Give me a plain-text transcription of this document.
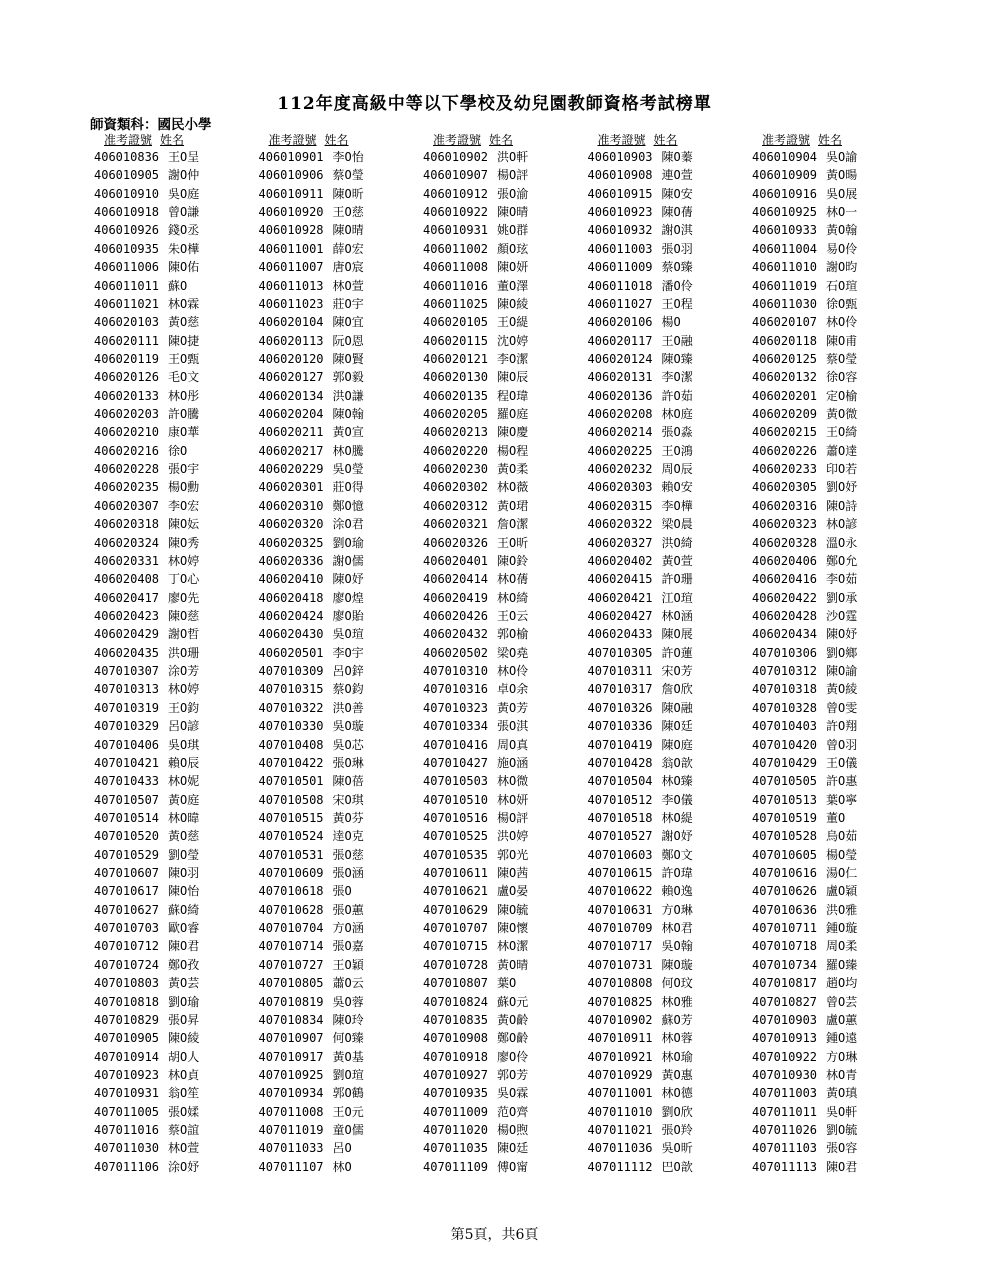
112年度高級中等以下學校及幼兒園教師資格考試榜單
師資類科：國民小學
准考證號 姓名
406010836 王O呈
406010905 謝O仲
406010910 吳O庭
406010918 曾O謙
406010926 錢O丞
406010935 朱O樺
406011006 陳O佑
406011011 蘇O
406011021 林O霖
406020103 黃O慈
406020111 陳O捷
406020119 王O甄
406020126 毛O文
406020133 林O彤
406020203 許O騰
406020210 康O華
406020216 徐O
406020228 張O宇
406020235 楊O勳
406020307 李O宏
406020318 陳O妘
406020324 陳O秀
406020331 林O婷
406020408 丁O心
406020417 廖O先
406020423 陳O慈
406020429 謝O哲
406020435 洪O珊
407010307 涂O芳
407010313 林O婷
407010319 王O鈞
407010329 呂O諺
407010406 吳O琪
407010421 賴O辰
407010433 林O妮
407010507 黃O庭
407010514 林O暐
407010520 黃O慈
407010529 劉O瑩
407010607 陳O羽
407010617 陳O怡
407010627 蘇O綺
407010703 歐O睿
407010712 陳O君
407010724 鄭O孜
407010803 黃O芸
407010818 劉O瑜
407010829 張O昇
407010905 陳O綾
407010914 胡O人
407010923 林O貞
407010931 翁O笙
407011005 張O媃
407011016 蔡O誼
407011030 林O萱
407011106 涂O妤
准考證號 姓名
406010901 李O怡
406010906 蔡O瑩
406010911 陳O昕
406010920 王O慈
406010928 陳O晴
406011001 薛O宏
406011007 唐O宸
406011013 林O萱
406011023 莊O宇
406020104 陳O宜
406020113 阮O恩
406020120 陳O賢
406020127 郭O毅
406020134 洪O謙
406020204 陳O翰
406020211 黃O宣
406020217 林O騰
406020229 吳O瑩
406020301 莊O得
406020310 鄭O憶
406020320 涂O君
406020325 劉O瑜
406020336 謝O儒
406020410 陳O妤
406020418 廖O煌
406020424 廖O貽
406020430 吳O瑄
406020501 李O宇
407010309 呂O鋅
407010315 蔡O鈞
407010322 洪O善
407010330 吳O璇
407010408 吳O芯
407010422 張O琳
407010501 陳O蓓
407010508 宋O琪
407010515 黃O芬
407010524 逹O克
407010531 張O慈
407010609 張O涵
407010618 張O
407010628 張O蕙
407010704 方O涵
407010714 張O嘉
407010727 王O穎
407010805 蕭O云
407010819 吳O蓉
407010834 陳O玲
407010907 何O臻
407010917 黃O基
407010925 劉O瑄
407010934 郭O鶴
407011008 王O元
407011019 童O儒
407011033 呂O
407011107 林O
准考證號 姓名
406010902 洪O軒
406010907 楊O評
406010912 張O渝
406010922 陳O晴
406010931 姚O群
406011002 顏O玹
406011008 陳O妍
406011016 董O澤
406011025 陳O綾
406020105 王O緹
406020115 沈O婷
406020121 李O潔
406020130 陳O辰
406020135 程O瑋
406020205 羅O庭
406020213 陳O慶
406020220 楊O程
406020230 黃O柔
406020302 林O薇
406020312 黃O珺
406020321 詹O潔
406020326 王O昕
406020401 陳O鈴
406020414 林O蒨
406020419 林O綺
406020426 王O云
406020432 郭O榆
406020502 梁O堯
407010310 林O伶
407010316 卓O余
407010323 黃O芳
407010334 張O淇
407010416 周O真
407010427 施O涵
407010503 林O微
407010510 林O妍
407010516 楊O評
407010525 洪O婷
407010535 郭O光
407010611 陳O茜
407010621 盧O晏
407010629 陳O毓
407010707 陳O懷
407010715 林O潔
407010728 黃O晴
407010807 葉O
407010824 蘇O元
407010835 黃O齡
407010908 鄭O齡
407010918 廖O伶
407010927 郭O芳
407010935 吳O霖
407011009 范O齊
407011020 楊O煦
407011035 陳O廷
407011109 傅O甯
准考證號 姓名
406010903 陳O蓁
406010908 連O萱
406010915 陳O安
406010923 陳O蒨
406010932 謝O淇
406011003 張O羽
406011009 蔡O臻
406011018 潘O伶
406011027 王O程
406020106 楊O
406020117 王O融
406020124 陳O臻
406020131 李O潔
406020136 許O茹
406020208 林O庭
406020214 張O淼
406020225 王O鴻
406020232 周O辰
406020303 賴O安
406020315 李O樺
406020322 梁O晨
406020327 洪O綺
406020402 黃O萱
406020415 許O珊
406020421 江O瑄
406020427 林O涵
406020433 陳O展
407010305 許O蓮
407010311 宋O芳
407010317 詹O欣
407010326 陳O融
407010336 陳O廷
407010419 陳O庭
407010428 翁O歆
407010504 林O臻
407010512 李O儀
407010518 林O緹
407010527 謝O妤
407010603 鄭O文
407010615 許O瑋
407010622 賴O逸
407010631 方O琳
407010709 林O君
407010717 吳O翰
407010731 陳O璇
407010808 何O玟
407010825 林O雅
407010902 蘇O芳
407010911 林O蓉
407010921 林O瑜
407010929 黃O惠
407011001 林O德
407011010 劉O欣
407011021 張O羚
407011036 吳O昕
407011112 巴O歆
准考證號 姓名
406010904 吳O諭
406010909 黃O暘
406010916 吳O展
406010925 林O一
406010933 黃O翰
406011004 易O伶
406011010 謝O昀
406011019 石O瑄
406011030 徐O甄
406020107 林O伶
406020118 陳O甫
406020125 蔡O瑩
406020132 徐O容
406020201 定O榆
406020209 黃O微
406020215 王O綺
406020226 蕭O達
406020233 印O若
406020305 劉O妤
406020316 陳O詩
406020323 林O諺
406020328 溫O永
406020406 鄭O允
406020416 李O茹
406020422 劉O承
406020428 沙O霆
406020434 陳O妤
407010306 劉O鄉
407010312 陳O諭
407010318 黃O綾
407010328 曾O雯
407010403 許O翔
407010420 曾O羽
407010429 王O儀
407010505 許O惠
407010513 葉O寧
407010519 董O
407010528 烏O茹
407010605 楊O瑩
407010616 湯O仁
407010626 盧O穎
407010636 洪O雅
407010711 鍾O璇
407010718 周O柔
407010734 羅O臻
407010817 趙O均
407010827 曾O芸
407010903 盧O蕙
407010913 鍾O遠
407010922 方O琳
407010930 林O青
407011003 黃O瑱
407011011 吳O軒
407011026 劉O毓
407011103 張O容
407011113 陳O君
第5頁，共6頁
